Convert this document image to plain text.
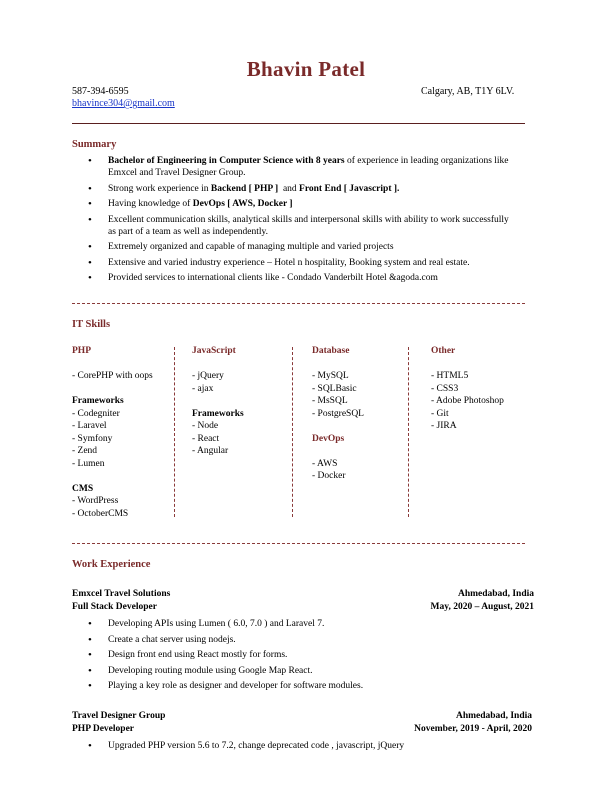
Bhavin Patel
587-394-6595	Calgary, AB, T1Y 6LV.
bhavince304@gmail.com
Summary
• Bachelor of Engineering in Computer Science with 8 years of experience in leading organizations like Emxcel and Travel Designer Group.
• Strong work experience in Backend [ PHP ]  and Front End [ Javascript ].
• Having knowledge of DevOps [ AWS, Docker ]
• Excellent communication skills, analytical skills and interpersonal skills with ability to work successfully as part of a team as well as independently.
• Extremely organized and capable of managing multiple and varied projects
• Extensive and varied industry experience – Hotel n hospitality, Booking system and real estate.
• Provided services to international clients like - Condado Vanderbilt Hotel &agoda.com
IT Skills
PHP
- CorePHP with oops
Frameworks
- Codegniter
- Laravel
- Symfony
- Zend
- Lumen
CMS
- WordPress
- OctoberCMS
JavaScript
- jQuery
- ajax
Frameworks
- Node
- React
- Angular
Database
- MySQL
- SQLBasic
- MsSQL
- PostgreSQL
DevOps
- AWS
- Docker
Other
- HTML5
- CSS3
- Adobe Photoshop
- Git
- JIRA
Work Experience
Emxcel Travel Solutions	Ahmedabad, India
Full Stack Developer	May, 2020 – August, 2021
• Developing APIs using Lumen ( 6.0, 7.0 ) and Laravel 7.
• Create a chat server using nodejs.
• Design front end using React mostly for forms.
• Developing routing module using Google Map React.
• Playing a key role as designer and developer for software modules.
Travel Designer Group	Ahmedabad, India
PHP Developer	November, 2019 - April, 2020
• Upgraded PHP version 5.6 to 7.2, change deprecated code , javascript, jQuery
